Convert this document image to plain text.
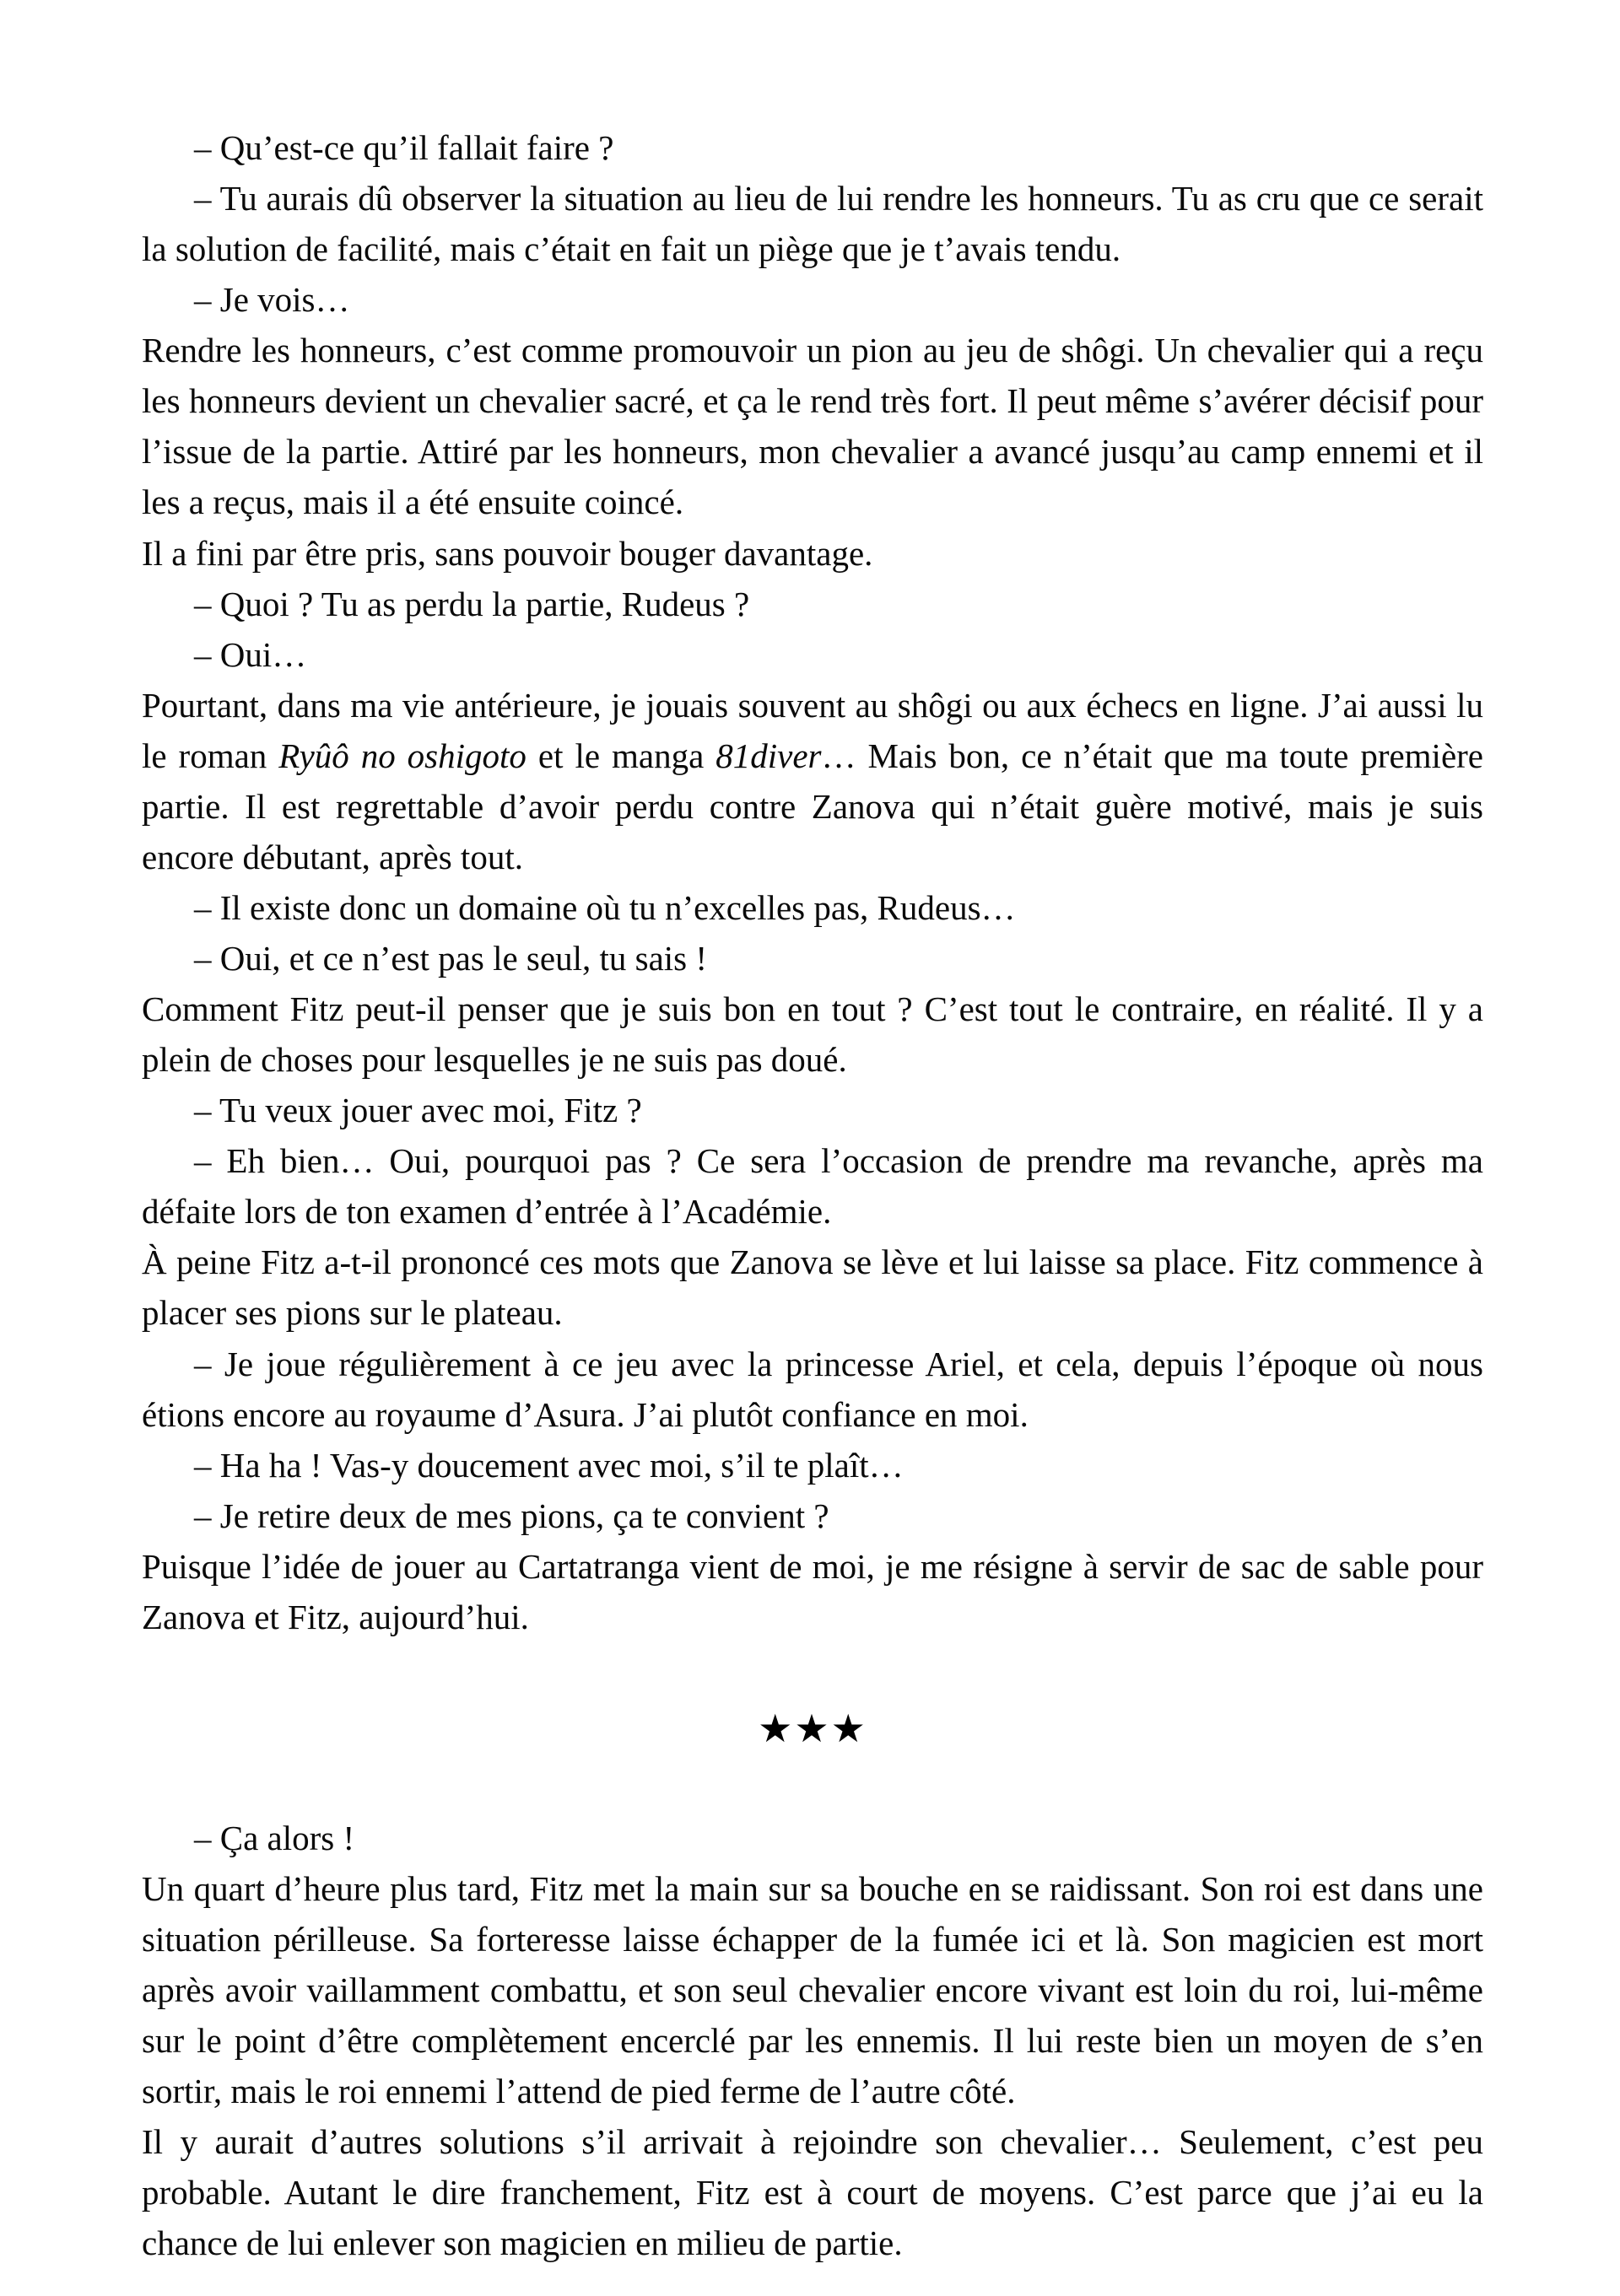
– Qu’est-ce qu’il fallait faire ?

– Tu aurais dû observer la situation au lieu de lui rendre les honneurs. Tu as cru que ce serait la solution de facilité, mais c’était en fait un piège que je t’avais tendu.

– Je vois…

Rendre les honneurs, c’est comme promouvoir un pion au jeu de shôgi. Un chevalier qui a reçu les honneurs devient un chevalier sacré, et ça le rend très fort. Il peut même s’avérer décisif pour l’issue de la partie. Attiré par les honneurs, mon chevalier a avancé jusqu’au camp ennemi et il les a reçus, mais il a été ensuite coincé.

Il a fini par être pris, sans pouvoir bouger davantage.

– Quoi ? Tu as perdu la partie, Rudeus ?

– Oui…

Pourtant, dans ma vie antérieure, je jouais souvent au shôgi ou aux échecs en ligne. J’ai aussi lu le roman Ryûô no oshigoto et le manga 81diver… Mais bon, ce n’était que ma toute première partie. Il est regrettable d’avoir perdu contre Zanova qui n’était guère motivé, mais je suis encore débutant, après tout.

– Il existe donc un domaine où tu n’excelles pas, Rudeus…

– Oui, et ce n’est pas le seul, tu sais !

Comment Fitz peut-il penser que je suis bon en tout ? C’est tout le contraire, en réalité. Il y a plein de choses pour lesquelles je ne suis pas doué.

– Tu veux jouer avec moi, Fitz ?

– Eh bien… Oui, pourquoi pas ? Ce sera l’occasion de prendre ma revanche, après ma défaite lors de ton examen d’entrée à l’Académie.

À peine Fitz a-t-il prononcé ces mots que Zanova se lève et lui laisse sa place. Fitz commence à placer ses pions sur le plateau.

– Je joue régulièrement à ce jeu avec la princesse Ariel, et cela, depuis l’époque où nous étions encore au royaume d’Asura. J’ai plutôt confiance en moi.

– Ha ha ! Vas-y doucement avec moi, s’il te plaît…

– Je retire deux de mes pions, ça te convient ?

Puisque l’idée de jouer au Cartatranga vient de moi, je me résigne à servir de sac de sable pour Zanova et Fitz, aujourd’hui.

★★★

– Ça alors !

Un quart d’heure plus tard, Fitz met la main sur sa bouche en se raidissant. Son roi est dans une situation périlleuse. Sa forteresse laisse échapper de la fumée ici et là. Son magicien est mort après avoir vaillamment combattu, et son seul chevalier encore vivant est loin du roi, lui-même sur le point d’être complètement encerclé par les ennemis. Il lui reste bien un moyen de s’en sortir, mais le roi ennemi l’attend de pied ferme de l’autre côté.

Il y aurait d’autres solutions s’il arrivait à rejoindre son chevalier… Seulement, c’est peu probable. Autant le dire franchement, Fitz est à court de moyens. C’est parce que j’ai eu la chance de lui enlever son magicien en milieu de partie.
